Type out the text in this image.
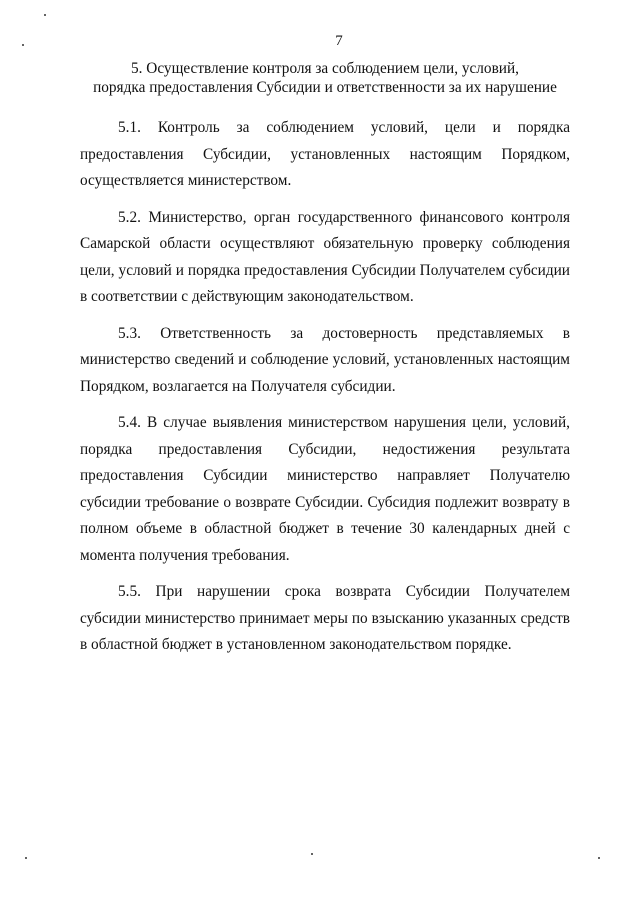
7
5. Осуществление контроля за соблюдением цели, условий,
порядка предоставления Субсидии и ответственности за их нарушение

5.1. Контроль за соблюдением условий, цели и порядка предоставления Субсидии, установленных настоящим Порядком, осуществляется министерством.

5.2. Министерство, орган государственного финансового контроля Самарской области осуществляют обязательную проверку соблюдения цели, условий и порядка предоставления Субсидии Получателем субсидии в соответствии с действующим законодательством.

5.3. Ответственность за достоверность представляемых в министерство сведений и соблюдение условий, установленных настоящим Порядком, возлагается на Получателя субсидии.

5.4. В случае выявления министерством нарушения цели, условий, порядка предоставления Субсидии, недостижения результата предоставления Субсидии министерство направляет Получателю субсидии требование о возврате Субсидии. Субсидия подлежит возврату в полном объеме в областной бюджет в течение 30 календарных дней с момента получения требования.

5.5. При нарушении срока возврата Субсидии Получателем субсидии министерство принимает меры по взысканию указанных средств в областной бюджет в установленном законодательством порядке.
